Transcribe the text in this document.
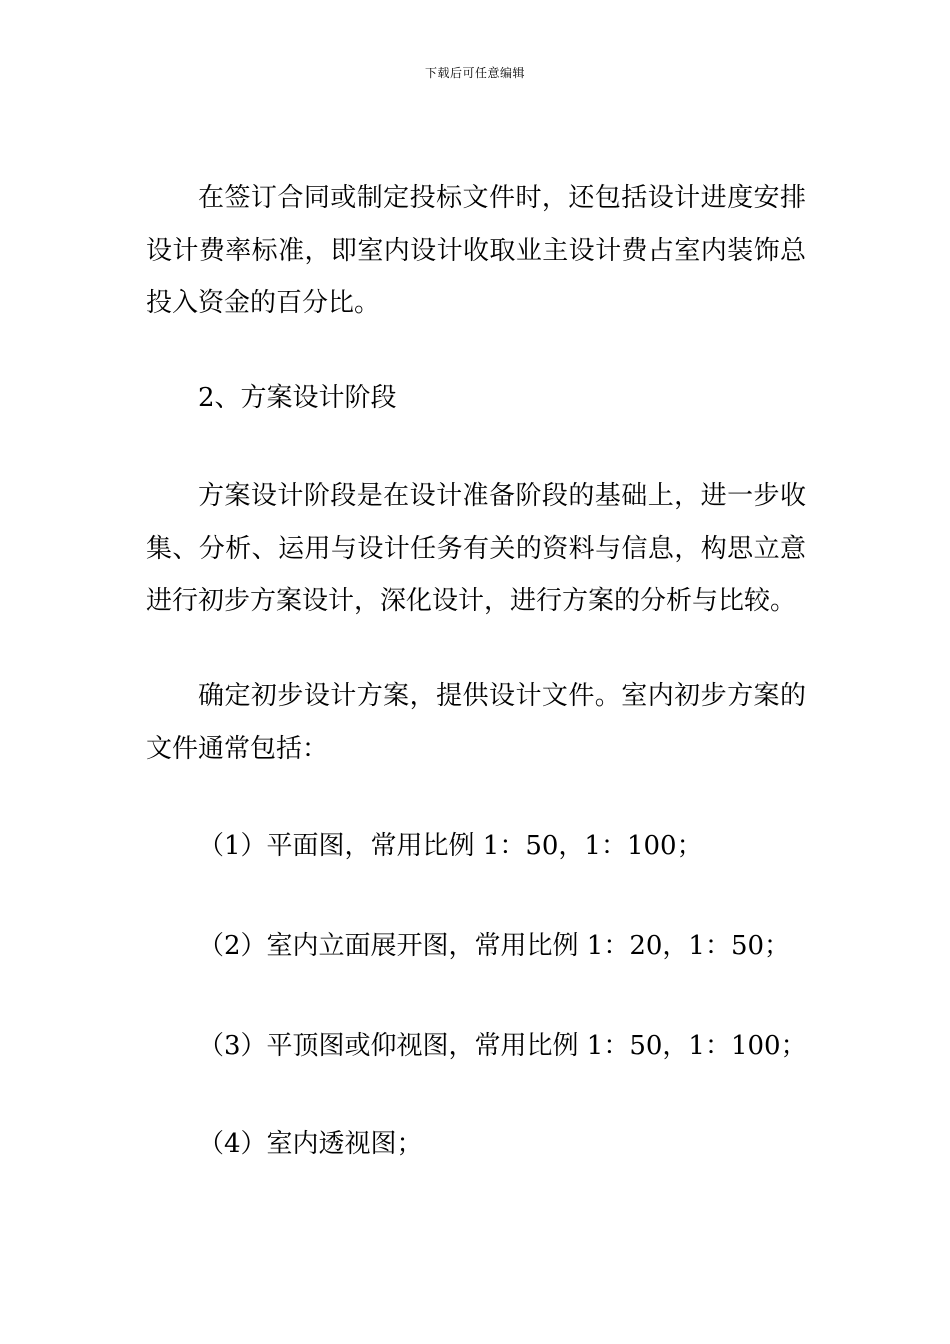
下载后可任意编辑

在签订合同或制定投标文件时，还包括设计进度安排设计费率标准，即室内设计收取业主设计费占室内装饰总投入资金的百分比。

2、方案设计阶段

方案设计阶段是在设计准备阶段的基础上，进一步收集、分析、运用与设计任务有关的资料与信息，构思立意进行初步方案设计，深化设计，进行方案的分析与比较。

确定初步设计方案，提供设计文件。室内初步方案的文件通常包括：

（1）平面图，常用比例 1：50，1：100；

（2）室内立面展开图，常用比例 1：20，1：50；

（3）平顶图或仰视图，常用比例 1：50，1：100；

（4）室内透视图；
